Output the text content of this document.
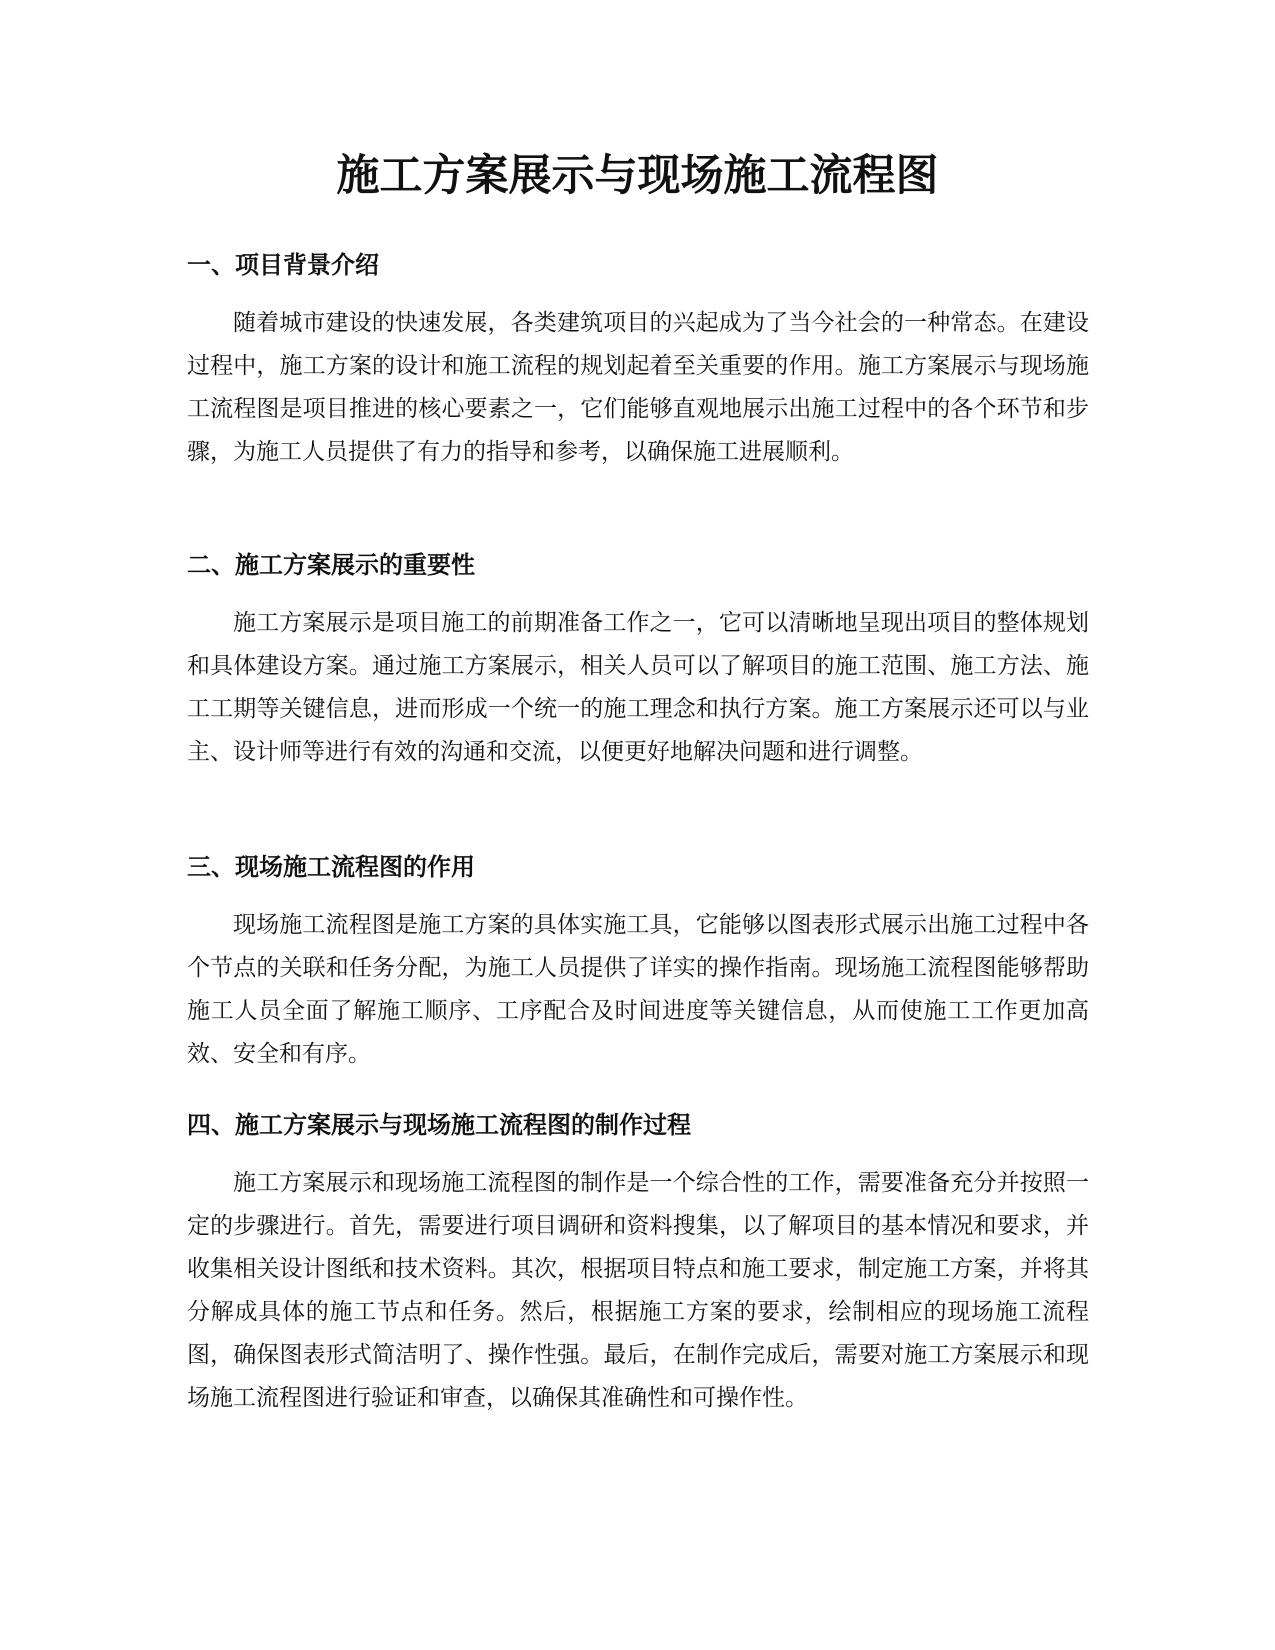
施工方案展示与现场施工流程图
一、项目背景介绍

随着城市建设的快速发展，各类建筑项目的兴起成为了当今社会的一种常态。在建设过程中，施工方案的设计和施工流程的规划起着至关重要的作用。施工方案展示与现场施工流程图是项目推进的核心要素之一，它们能够直观地展示出施工过程中的各个环节和步骤，为施工人员提供了有力的指导和参考，以确保施工进展顺利。

二、施工方案展示的重要性

施工方案展示是项目施工的前期准备工作之一，它可以清晰地呈现出项目的整体规划和具体建设方案。通过施工方案展示，相关人员可以了解项目的施工范围、施工方法、施工工期等关键信息，进而形成一个统一的施工理念和执行方案。施工方案展示还可以与业主、设计师等进行有效的沟通和交流，以便更好地解决问题和进行调整。

三、现场施工流程图的作用

现场施工流程图是施工方案的具体实施工具，它能够以图表形式展示出施工过程中各个节点的关联和任务分配，为施工人员提供了详实的操作指南。现场施工流程图能够帮助施工人员全面了解施工顺序、工序配合及时间进度等关键信息，从而使施工工作更加高效、安全和有序。

四、施工方案展示与现场施工流程图的制作过程

施工方案展示和现场施工流程图的制作是一个综合性的工作，需要准备充分并按照一定的步骤进行。首先，需要进行项目调研和资料搜集，以了解项目的基本情况和要求，并收集相关设计图纸和技术资料。其次，根据项目特点和施工要求，制定施工方案，并将其分解成具体的施工节点和任务。然后，根据施工方案的要求，绘制相应的现场施工流程图，确保图表形式简洁明了、操作性强。最后，在制作完成后，需要对施工方案展示和现场施工流程图进行验证和审查，以确保其准确性和可操作性。
